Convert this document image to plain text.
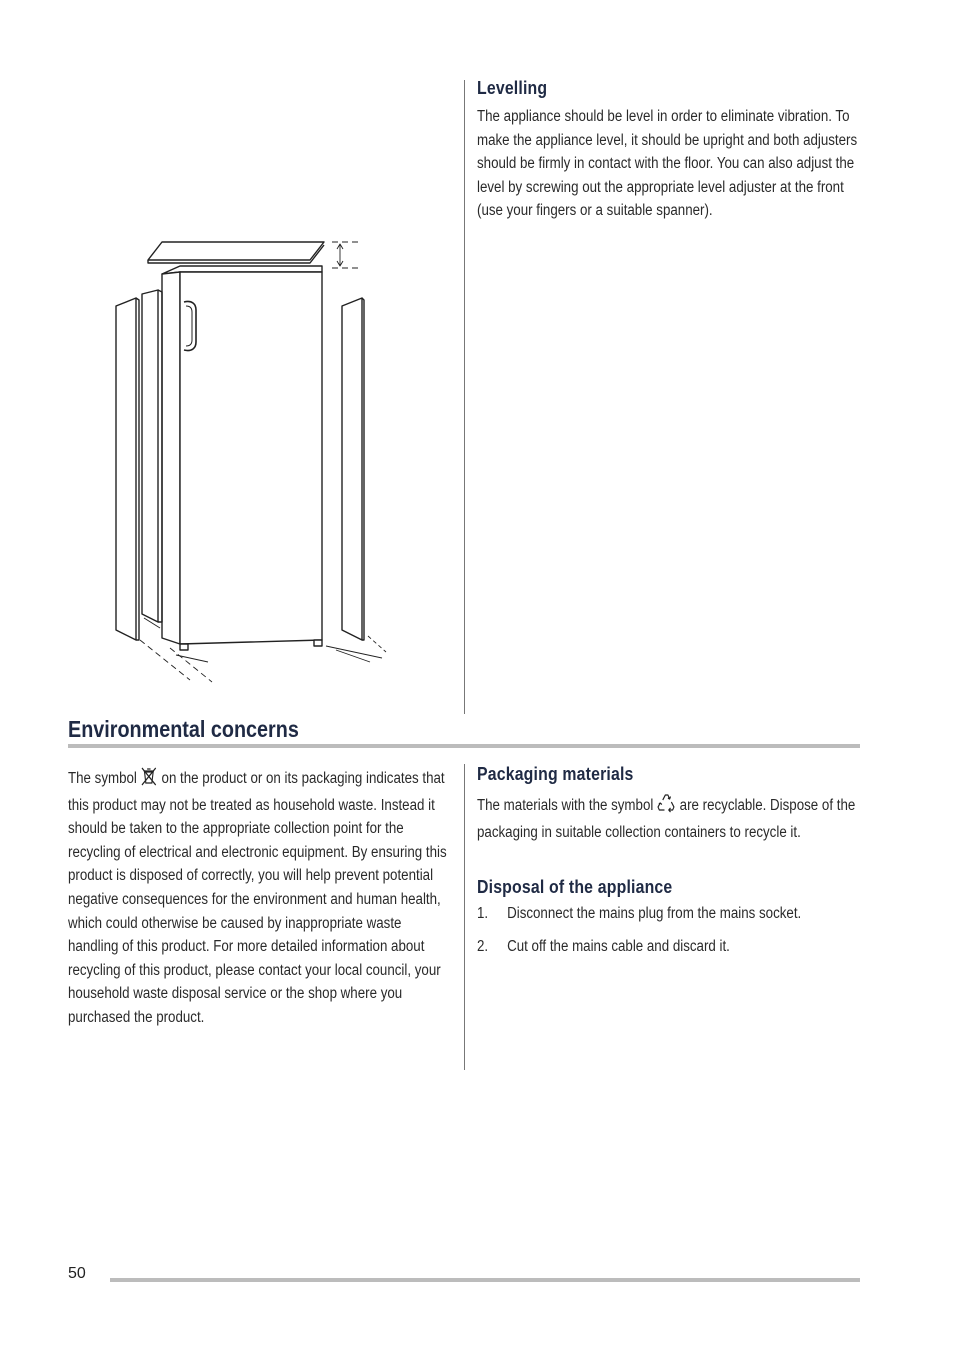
Levelling
The appliance should be level in order to eliminate vibration. To make the appliance level, it should be upright and both adjusters should be firmly in contact with the floor. You can also adjust the level by screwing out the appropriate level adjuster at the front (use your fingers or a suitable spanner).
Environmental concerns
The symbol on the product or on its packaging indicates that this product may not be treated as household waste. Instead it should be taken to the appropriate collection point for the recycling of electrical and electronic equipment. By ensuring this product is disposed of correctly, you will help prevent potential negative consequences for the environment and human health, which could otherwise be caused by inappropriate waste handling of this product. For more detailed information about recycling of this product, please contact your local council, your household waste disposal service or the shop where you purchased the product.
Packaging materials
The materials with the symbol are recyclable. Dispose of the packaging in suitable collection containers to recycle it.
Disposal of the appliance
1. Disconnect the mains plug from the mains socket.
2. Cut off the mains cable and discard it.
50
